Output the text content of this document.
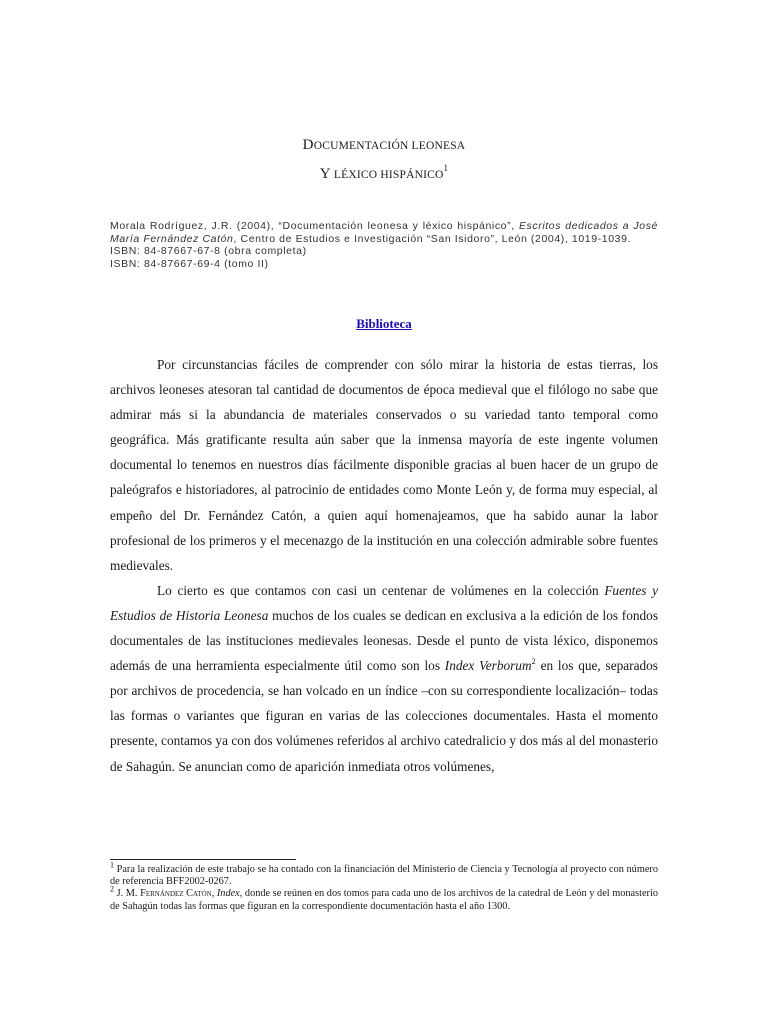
DOCUMENTACIÓN LEONESA
Y LÉXICO HISPÁNICO$^1$
Morala Rodríguez, J.R. (2004), “Documentación leonesa y léxico hispánico”, Escritos dedicados a José María Fernández Catón, Centro de Estudios e Investigación “San Isidoro”, León (2004), 1019-1039.
ISBN: 84-87667-67-8 (obra completa)
ISBN: 84-87667-69-4 (tomo II)
Biblioteca

Por circunstancias fáciles de comprender con sólo mirar la historia de estas tierras, los archivos leoneses atesoran tal cantidad de documentos de época medieval que el filólogo no sabe que admirar más si la abundancia de materiales conservados o su variedad tanto temporal como geográfica. Más gratificante resulta aún saber que la inmensa mayoría de este ingente volumen documental lo tenemos en nuestros días fácilmente disponible gracias al buen hacer de un grupo de paleógrafos e historiadores, al patrocinio de entidades como Monte León y, de forma muy especial, al empeño del Dr. Fernández Catón, a quien aquí homenajeamos, que ha sabido aunar la labor profesional de los primeros y el mecenazgo de la institución en una colección admirable sobre fuentes medievales.

Lo cierto es que contamos con casi un centenar de volúmenes en la colección Fuentes y Estudios de Historia Leonesa muchos de los cuales se dedican en exclusiva a la edición de los fondos documentales de las instituciones medievales leonesas. Desde el punto de vista léxico, disponemos además de una herramienta especialmente útil como son los Index Verborum$^2$ en los que, separados por archivos de procedencia, se han volcado en un índice –con su correspondiente localización– todas las formas o variantes que figuran en varias de las colecciones documentales. Hasta el momento presente, contamos ya con dos volúmenes referidos al archivo catedralicio y dos más al del monasterio de Sahagún. Se anuncian como de aparición inmediata otros volúmenes,

$^1$ Para la realización de este trabajo se ha contado con la financiación del Ministerio de Ciencia y Tecnología al proyecto con número de referencia BFF2002-0267.

$^2$ J. M. Fernández Catón, Index, donde se reúnen en dos tomos para cada uno de los archivos de la catedral de León y del monasterio de Sahagún todas las formas que figuran en la correspondiente documentación hasta el año 1300.
